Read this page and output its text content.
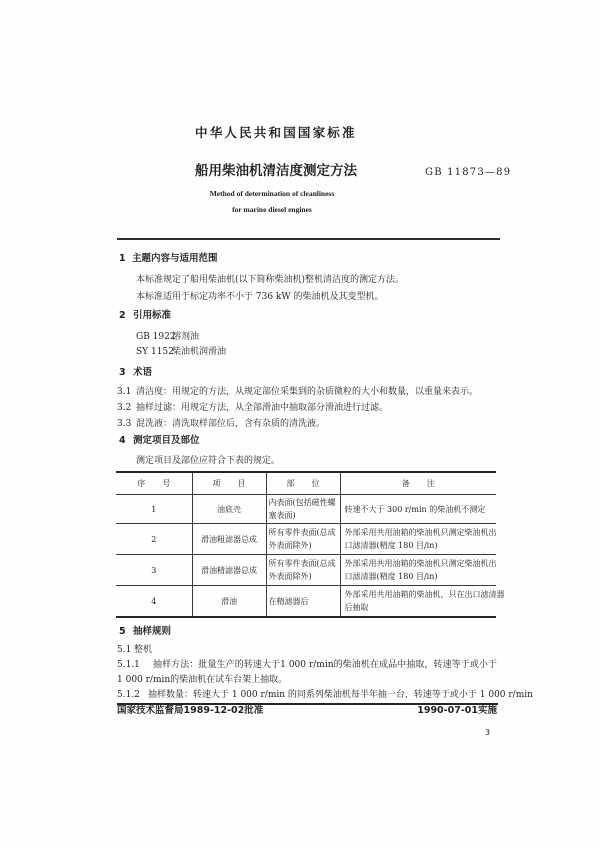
中华人民共和国国家标准
船用柴油机清洁度测定方法	GB 11873—89
Method of determination of cleanliness
for marine diesel engines
1 主题内容与适用范围
本标准规定了船用柴油机(以下简称柴油机)整机清洁度的测定方法。
本标准适用于标定功率不小于 736 kW 的柴油机及其变型机。
2 引用标准
GB 1922
溶剂油
SY 1152
柴油机润滑油
3 术语
3.1 清洁度：用规定的方法，从规定部位采集到的杂质微粒的大小和数量，以重量来表示。
3.2 抽样过滤：用规定方法，从全部滑油中抽取部分滑油进行过滤。
3.3 混洗液：清洗取样部位后，含有杂质的清洗液。
4 测定项目及部位
测定项目及部位应符合下表的规定。
序号	项目	部位	备注
1	油底壳	内表面(包括磁性螺
塞表面)	转速不大于 300 r/min 的柴油机不测定

2	滑油粗滤器总成	所有零件表面(总成
外表面除外)	外部采用共用油箱的柴油机只测定柴油机出
口滤清器(精度 180 目/in)

3	滑油精滤器总成	所有零件表面(总成
外表面除外)	外部采用共用油箱的柴油机只测定柴油机出
口滤清器(精度 180 目/in)

4	滑油	在精滤器后	外部采用共用油箱的柴油机，只在出口滤清器
后抽取
5 抽样规则
5.1 整机
5.1.1 抽样方法：批量生产的转速大于1 000 r/min的柴油机在成品中抽取，转速等于或小于
1 000 r/min的柴油机在试车台架上抽取。
5.1.2 抽样数量：转速大于 1 000 r/min 的同系列柴油机每半年抽一台，转速等于或小于 1 000 r/min
国家技术监督局1989-12-02批准	1990-07-01实施
3
